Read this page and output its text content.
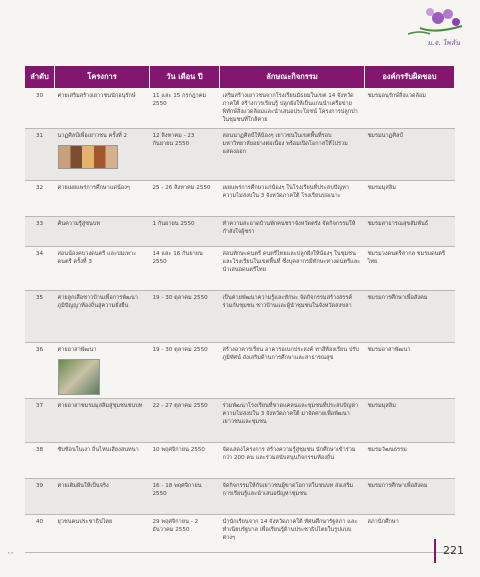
ม.จ. ไพลัน
ลำดับ	โครงการ	วัน เดือน ปี	ลักษณะกิจกรรม	องค์กรรับผิดชอบ
30	ค่ายเสริมสร้างเยาวชนนักอนุรักษ์	11 และ 15 กรกฎาคม 2550	เสริมสร้างเยาวชนจากโรงเรียนมัธยมในเขต 14 จังหวัดภาคใต้ สร้างการเรียนรู้ ปลูกฝังให้เป็นแกนนำเครือข่ายพิทักษ์สิ่งแวดล้อมและนำเสนอประโยชน์ โครงการปลูกป่าในชุมชนที่ใกล้ค่าย	ชมรมอนุรักษ์สิ่งแวดล้อม
31	นาฏศิลป์เพื่อเยาวชน ครั้งที่ 2	12 สิงหาคม - 23 กันยายน 2550	สอนนาฏศิลป์ให้น้องๆ เยาวชนในเขตพื้นที่รอบมหาวิทยาลัยอย่างต่อเนื่อง พร้อมเปิดโอกาสให้ไปร่วมแสดงออก	ชมรมนาฏศิลป์
32	ค่ายเผยแพร่การศึกษาแด่น้องๆ	25 - 26 สิงหาคม 2550	เผยแพร่การศึกษาแก่น้องๆ ในโรงเรียนที่ประสบปัญหาความไม่สงบใน 3 จังหวัดภาคใต้ โรงเรียนปอเนาะ	ชมรมมุสลิม
33	ค้นความรู้สู่ชนบท	1 กันยายน 2550	ทำความสะอาดบ้านพักคนชราจังหวัดตรัง จัดกิจกรรมให้กำลังใจผู้ชรา	ชมรมสาธารณสุขสัมพันธ์
34	สอนน้องคบวงดนตรี และบ่มเพาะดนตรี ครั้งที่ 3	14 และ 16 กันยายน 2550	สอนทักษะดนตรี ดนตรีไทยและปลูกฝังให้น้องๆ ในชุมชนและโรงเรียนในเขตพื้นที่ ซึ่งบุคลากรมีทักษะทางดนตรีและนำเสนอดนตรีไทย	ชมรมวงดนตรีสากล ชมรมดนตรีไทย
35	ค่ายลูกเสือชาวบ้านเพื่อการพัฒนาภูมิปัญญาท้องถิ่นสู่ความยั่งยืน	19 - 30 ตุลาคม 2550	เป็นค่ายพัฒนาความรู้และทักษะ จัดกิจกรรมสร้างสรรค์ร่วมกับชุมชน ชาวบ้านและผู้นำชุมชนในจังหวัดสงขลา	ชมรมการศึกษาเพื่อสังคม
36	ค่ายอาสาพัฒนา	19 - 30 ตุลาคม 2550	สร้างอาคารเรียน อาคารอเนกประสงค์ ทาสีห้องเรียน ปรับภูมิทัศน์ ส่งเสริมด้านการศึกษาและสาธารณสุข	ชมรมอาสาพัฒนา
37	ค่ายอาสาชมรมมุสลิมสู่ชุมชนชนบท	22 - 27 ตุลาคม 2550	ร่วมพัฒนาโรงเรียนที่ขาดแคลนและชุมชนที่ประสบปัญหาความไม่สงบใน 3 จังหวัดภาคใต้ มาจัดค่ายเพื่อพัฒนาเยาวชนและชุมชน	ชมรมมุสลิม
38	ซับซ้อนในเงา ถิ่นไหนเสียงสนทนา	10 พฤศจิกายน 2550	จัดแสดงโครงการ สร้างความรู้สู่ชุมชน นักศึกษาเข้าร่วมกว่า 200 คน และร่วมสนับสนุนกิจกรรมท้องถิ่น	ชมรมวัฒนธรรม
39	ค่ายเติมฝันให้เป็นจริง	16 - 18 พฤศจิกายน 2550	จัดกิจกรรมให้กับเยาวชนผู้ขาดโอกาสในชนบท ส่งเสริมการเรียนรู้และนำเสนอปัญหาชุมชน	ชมรมการศึกษาเพื่อสังคม
40	ยุวชนคนประชาธิปไตย	29 พฤศจิกายน - 2 ธันวาคม 2550	นำนักเรียนจาก 14 จังหวัดภาคใต้ ทัศนศึกษารัฐสภา และทำเนียบรัฐบาล เพื่อเรียนรู้ด้านประชาธิปไตยในรูปแบบต่างๆ	สภานักศึกษา
ฺ ฺ	221
